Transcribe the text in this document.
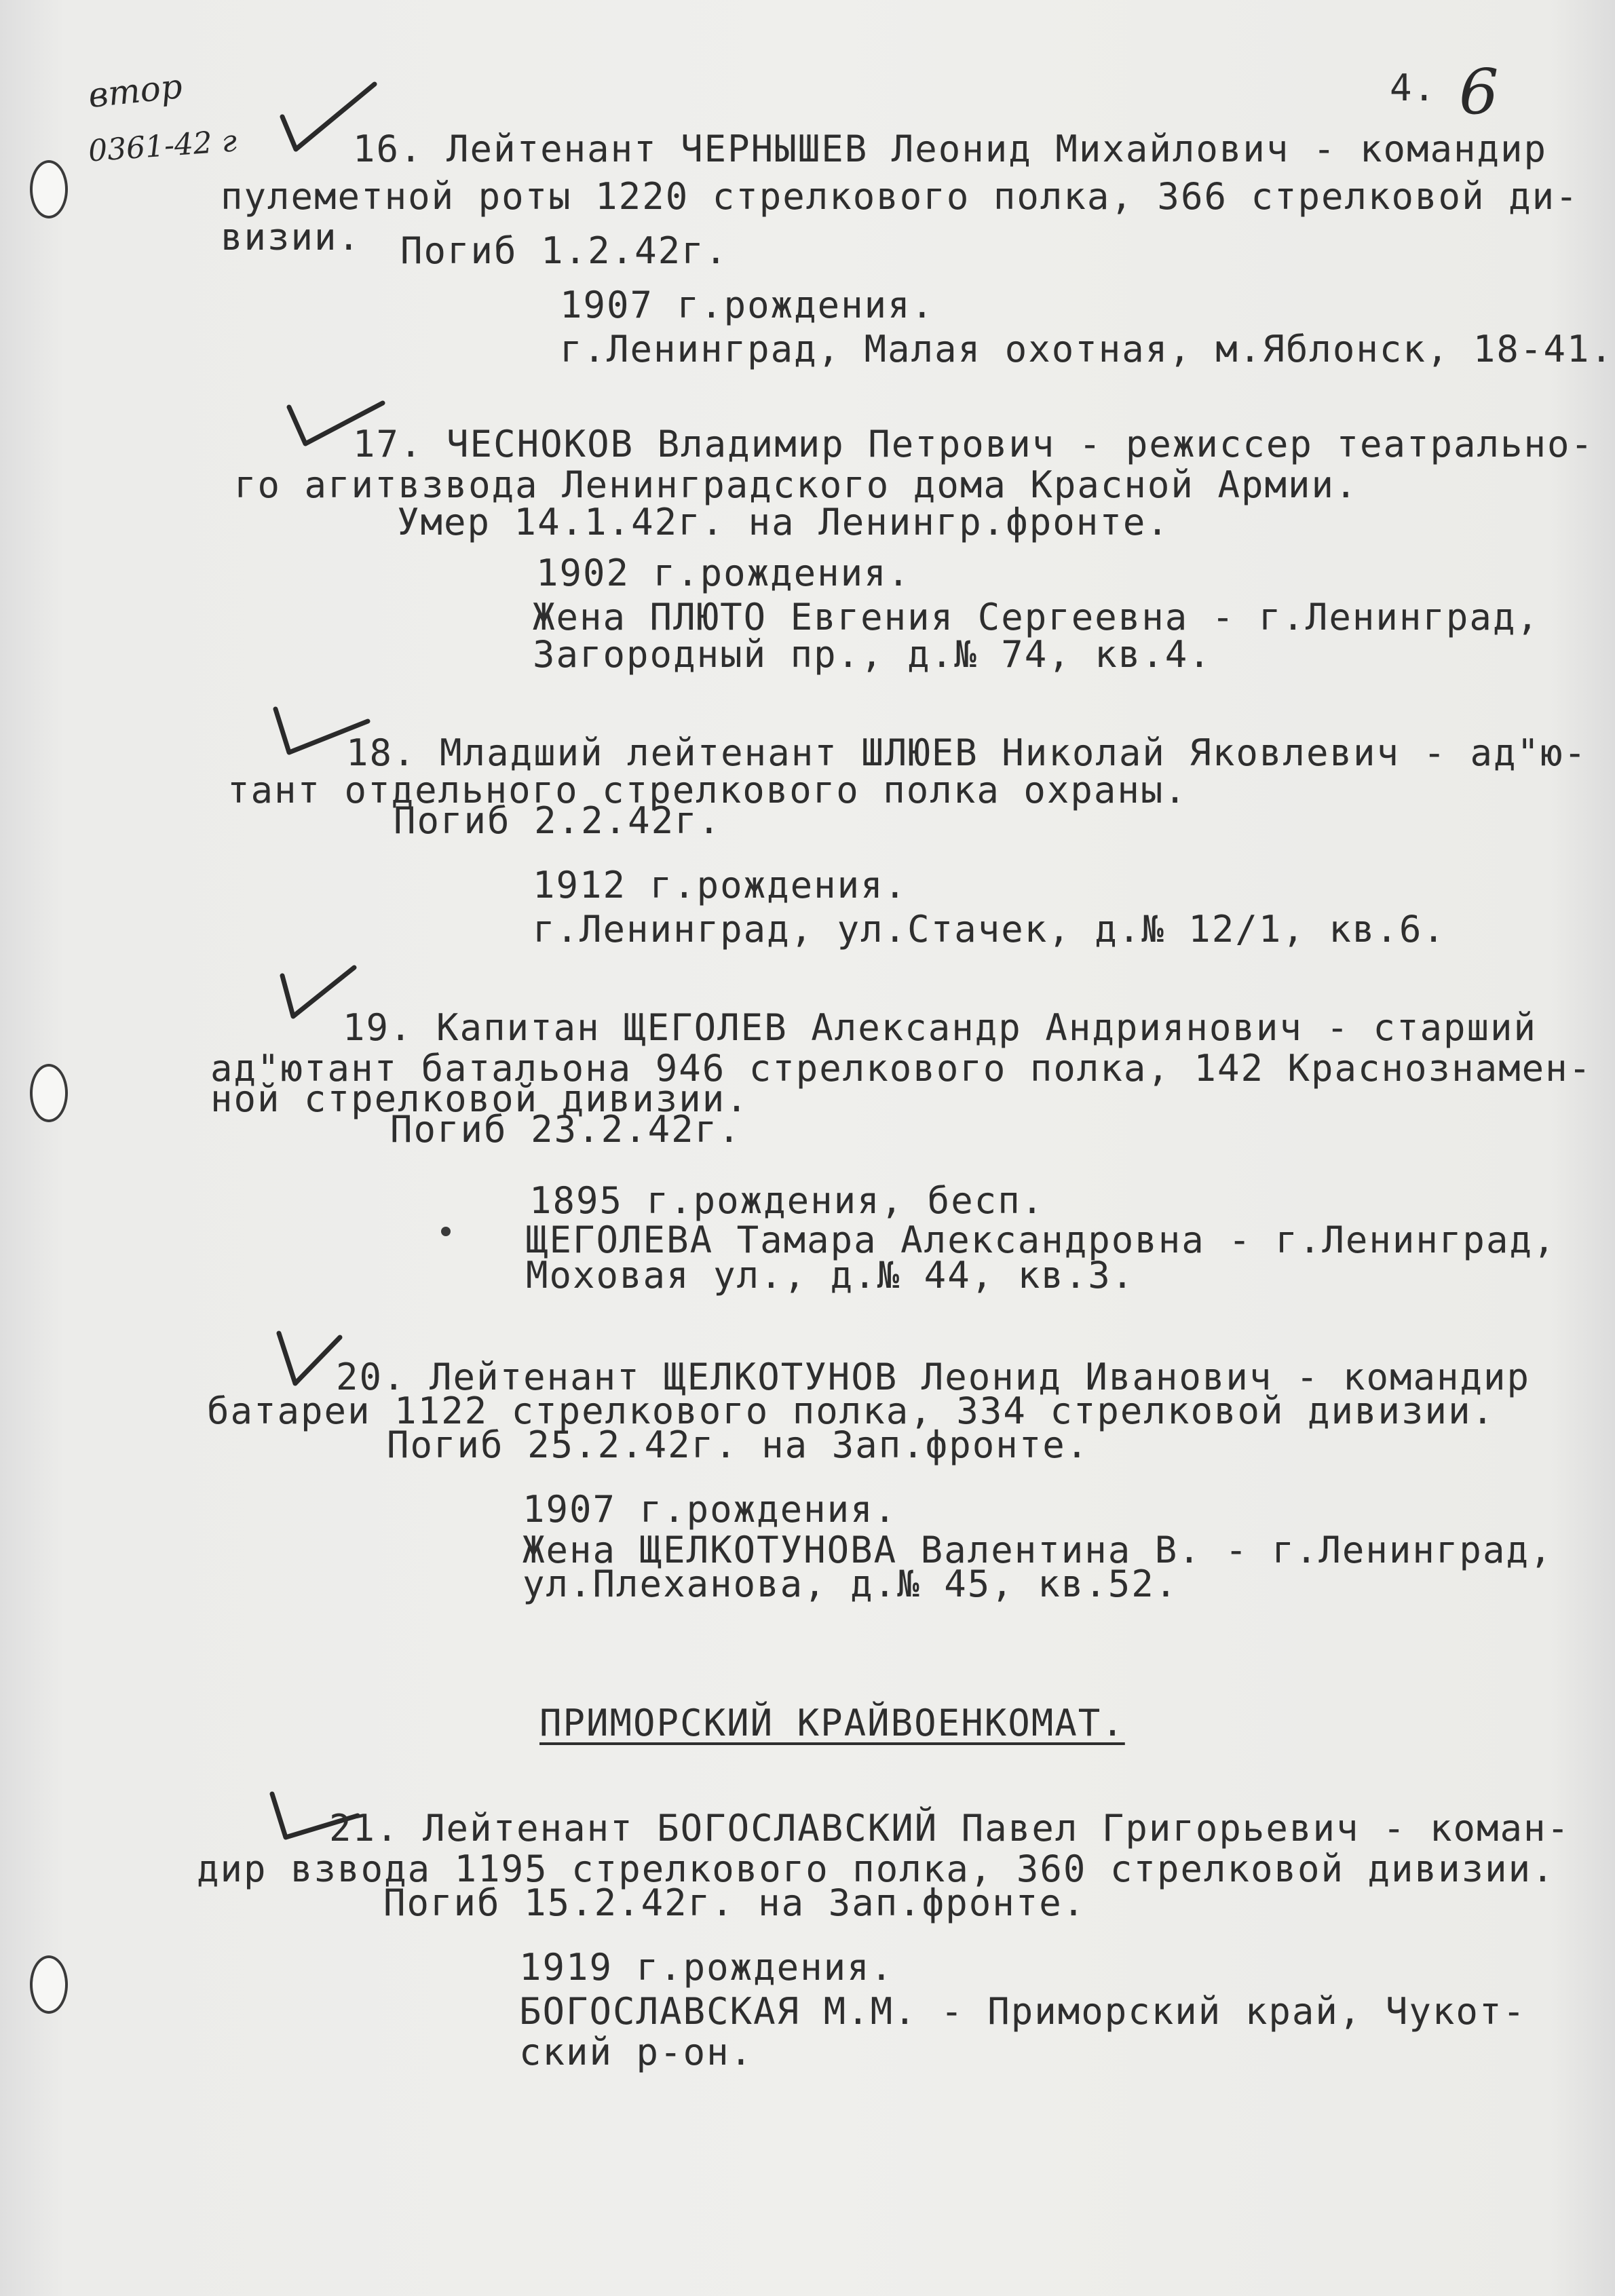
втор
0361-42 г
4. 6
16. Лейтенант ЧЕРНЫШЕВ Леонид Михайлович - командир
пулеметной роты 1220 стрелкового полка, 366 стрелковой ди-
визии. Погиб 1.2.42г.
1907 г.рождения.
г.Ленинград, Малая охотная, м.Яблонск, 18-41.
17. ЧЕСНОКОВ Владимир Петрович - режиссер театрально-
го агитвзвода Ленинградского дома Красной Армии.
Умер 14.1.42г. на Ленингр.фронте.
1902 г.рождения.
Жена ПЛЮТО Евгения Сергеевна - г.Ленинград,
Загородный пр., д.№ 74, кв.4.
18. Младший лейтенант ШЛЮЕВ Николай Яковлевич - ад"ю-
тант отдельного стрелкового полка охраны.
Погиб 2.2.42г.
1912 г.рождения.
г.Ленинград, ул.Стачек, д.№ 12/1, кв.6.
19. Капитан ЩЕГОЛЕВ Александр Андриянович - старший
ад"ютант батальона 946 стрелкового полка, 142 Краснознамен-
ной стрелковой дивизии.
Погиб 23.2.42г.
1895 г.рождения, бесп.
ЩЕГОЛЕВА Тамара Александровна - г.Ленинград,
Моховая ул., д.№ 44, кв.3.
20. Лейтенант ЩЕЛКОТУНОВ Леонид Иванович - командир
батареи 1122 стрелкового полка, 334 стрелковой дивизии.
Погиб 25.2.42г. на Зап.фронте.
1907 г.рождения.
Жена ЩЕЛКОТУНОВА Валентина В. - г.Ленинград,
ул.Плеханова, д.№ 45, кв.52.
ПРИМОРСКИЙ КРАЙВОЕНКОМАТ.
21. Лейтенант БОГОСЛАВСКИЙ Павел Григорьевич - коман-
дир взвода 1195 стрелкового полка, 360 стрелковой дивизии.
Погиб 15.2.42г. на Зап.фронте.
1919 г.рождения.
БОГОСЛАВСКАЯ М.М. - Приморский край, Чукот-
ский р-он.
